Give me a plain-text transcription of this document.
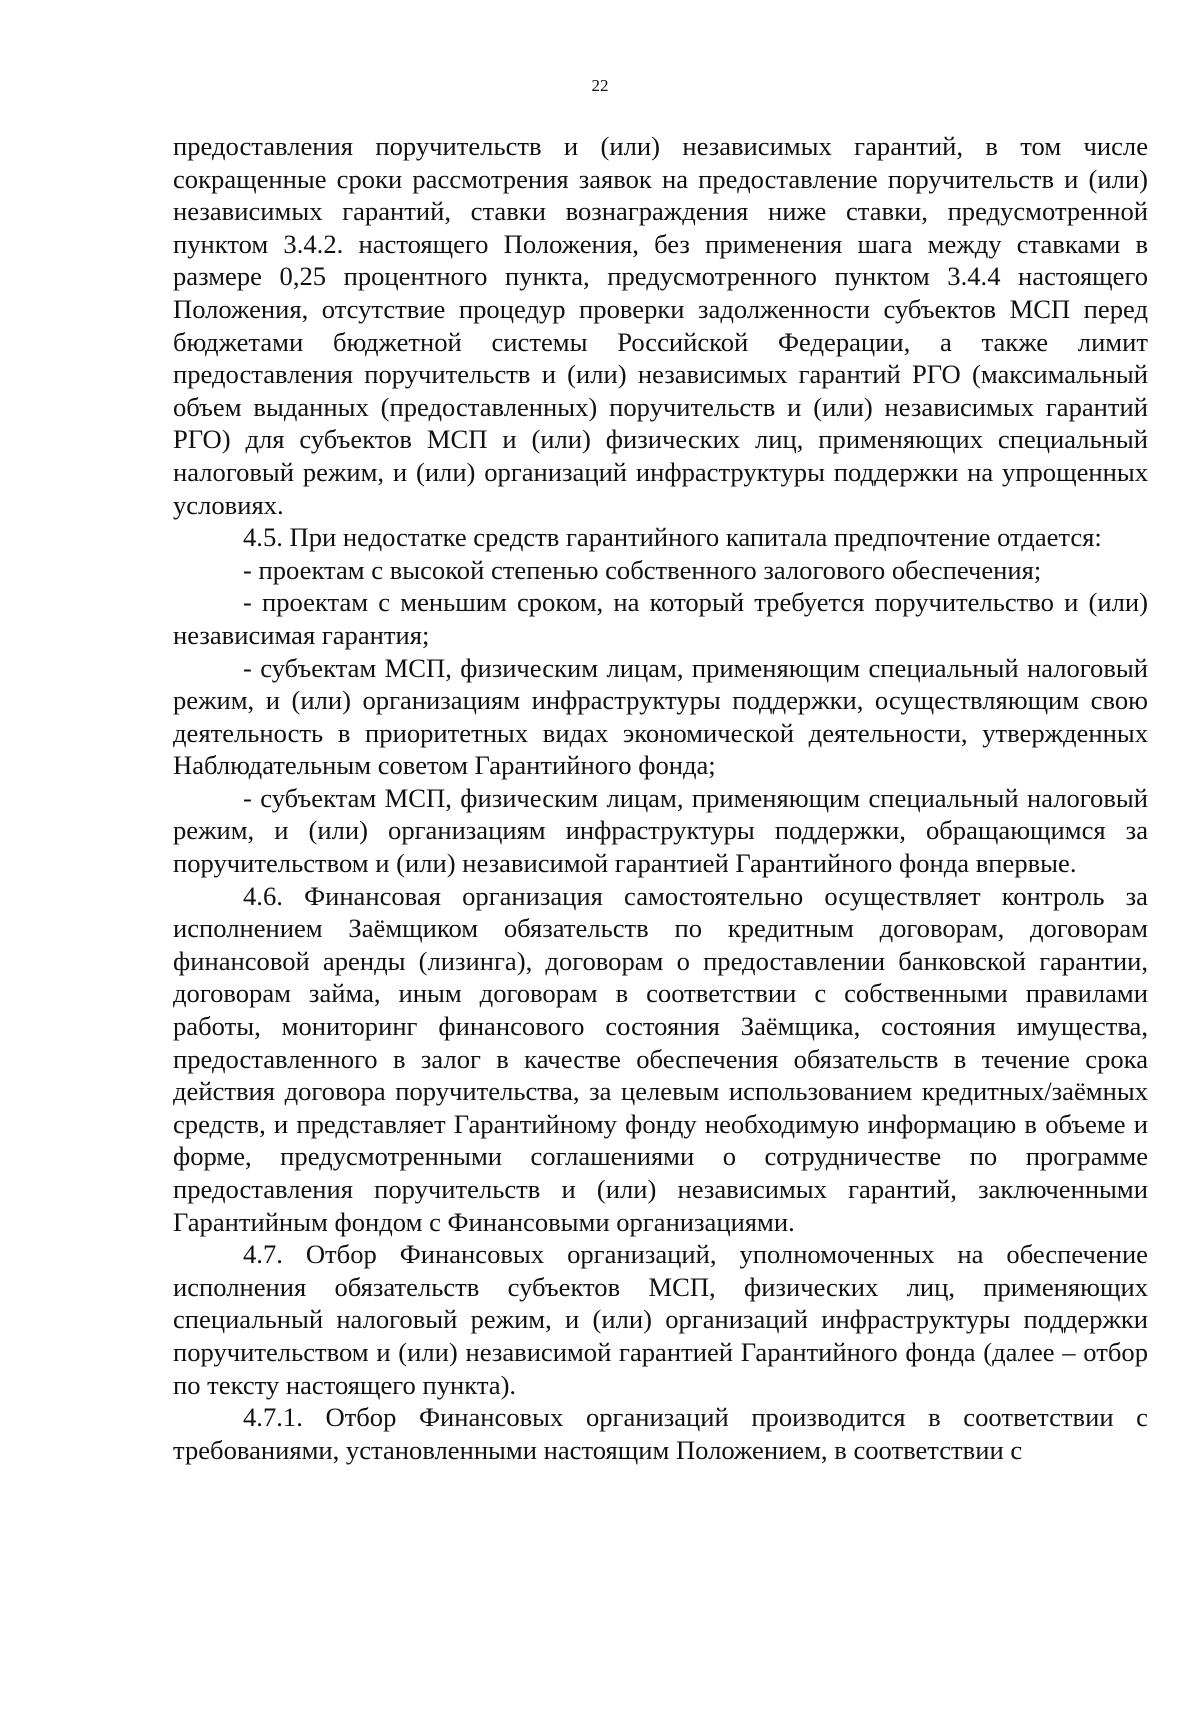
22

предоставления поручительств и (или) независимых гарантий, в том числе сокращенные сроки рассмотрения заявок на предоставление поручительств и (или) независимых гарантий, ставки вознаграждения ниже ставки, предусмотренной пунктом 3.4.2. настоящего Положения, без применения шага между ставками в размере 0,25 процентного пункта, предусмотренного пунктом 3.4.4 настоящего Положения, отсутствие процедур проверки задолженности субъектов МСП перед бюджетами бюджетной системы Российской Федерации, а также лимит предоставления поручительств и (или) независимых гарантий РГО (максимальный объем выданных (предоставленных) поручительств и (или) независимых гарантий РГО) для субъектов МСП и (или) физических лиц, применяющих специальный налоговый режим, и (или) организаций инфраструктуры поддержки на упрощенных условиях.

4.5. При недостатке средств гарантийного капитала предпочтение отдается:

- проектам с высокой степенью собственного залогового обеспечения;

- проектам с меньшим сроком, на который требуется поручительство и (или) независимая гарантия;

- субъектам МСП, физическим лицам, применяющим специальный налоговый режим, и (или) организациям инфраструктуры поддержки, осуществляющим свою деятельность в приоритетных видах экономической деятельности, утвержденных Наблюдательным советом Гарантийного фонда;

- субъектам МСП, физическим лицам, применяющим специальный налоговый режим, и (или) организациям инфраструктуры поддержки, обращающимся за поручительством и (или) независимой гарантией Гарантийного фонда впервые.

4.6. Финансовая организация самостоятельно осуществляет контроль за исполнением Заёмщиком обязательств по кредитным договорам, договорам финансовой аренды (лизинга), договорам о предоставлении банковской гарантии, договорам займа, иным договорам в соответствии с собственными правилами работы, мониторинг финансового состояния Заёмщика, состояния имущества, предоставленного в залог в качестве обеспечения обязательств в течение срока действия договора поручительства, за целевым использованием кредитных/заёмных средств, и представляет Гарантийному фонду необходимую информацию в объеме и форме, предусмотренными соглашениями о сотрудничестве по программе предоставления поручительств и (или) независимых гарантий, заключенными Гарантийным фондом с Финансовыми организациями.

4.7. Отбор Финансовых организаций, уполномоченных на обеспечение исполнения обязательств субъектов МСП, физических лиц, применяющих специальный налоговый режим, и (или) организаций инфраструктуры поддержки поручительством и (или) независимой гарантией Гарантийного фонда (далее – отбор по тексту настоящего пункта).

4.7.1. Отбор Финансовых организаций производится в соответствии с требованиями, установленными настоящим Положением, в соответствии с
